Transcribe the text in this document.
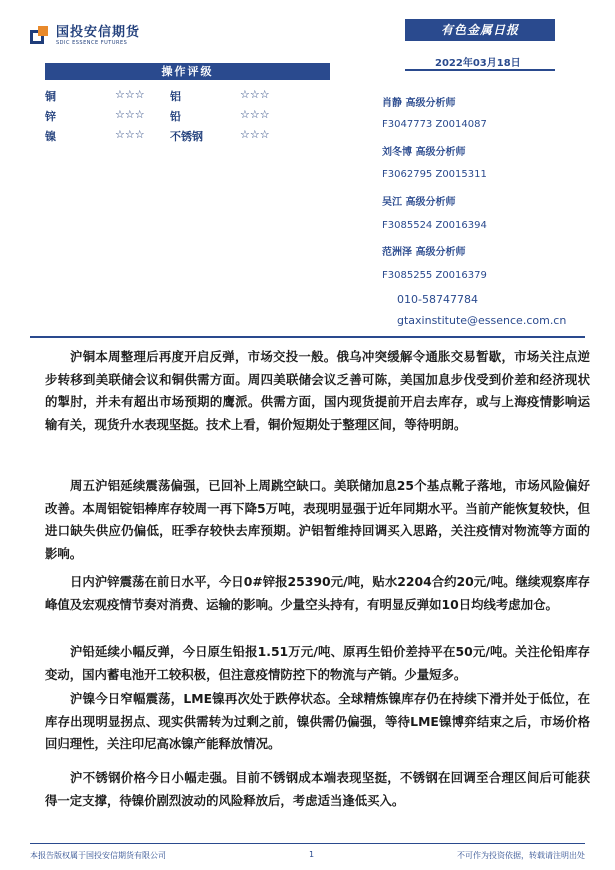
国投安信期货
SDIC ESSENCE FUTURES
有色金属日报
2022年03月18日
操作评级
铜	☆☆☆ 铝	☆☆☆
锌	☆☆☆ 铅	☆☆☆
镍	☆☆☆ 不锈钢	☆☆☆
肖静 高级分析师
F3047773 Z0014087
刘冬博 高级分析师
F3062795 Z0015311
吴江 高级分析师
F3085524 Z0016394
范洲泽 高级分析师
F3085255 Z0016379
010-58747784
gtaxinstitute@essence.com.cn

沪铜本周整理后再度开启反弹，市场交投一般。俄乌冲突缓解令通胀交易暂歇，市场关注点逆步转移到美联储会议和铜供需方面。周四美联储会议乏善可陈，美国加息步伐受到价差和经济现状的掣肘，并未有超出市场预期的鹰派。供需方面，国内现货提前开启去库存，或与上海疫情影响运输有关，现货升水表现坚挺。技术上看，铜价短期处于整理区间，等待明朗。

周五沪铝延续震荡偏强，已回补上周跳空缺口。美联储加息25个基点靴子落地，市场风险偏好改善。本周铝锭铝棒库存较周一再下降5万吨，表现明显强于近年同期水平。当前产能恢复较快，但进口缺失供应仍偏低，旺季存较快去库预期。沪铝暂维持回调买入思路，关注疫情对物流等方面的影响。

日内沪锌震荡在前日水平，今日0#锌报25390元/吨，贴水2204合约20元/吨。继续观察库存峰值及宏观疫情节奏对消费、运输的影响。少量空头持有，有明显反弹如10日均线考虑加仓。

沪铅延续小幅反弹，今日原生铅报1.51万元/吨、原再生铅价差持平在50元/吨。关注伦铅库存变动，国内蓄电池开工较积极，但注意疫情防控下的物流与产销。少量短多。

沪镍今日窄幅震荡，LME镍再次处于跌停状态。全球精炼镍库存仍在持续下滑并处于低位，在库存出现明显拐点、现实供需转为过剩之前，镍供需仍偏强，等待LME镍博弈结束之后，市场价格回归理性，关注印尼高冰镍产能释放情况。

沪不锈钢价格今日小幅走强。目前不锈钢成本端表现坚挺，不锈钢在回调至合理区间后可能获得一定支撑，待镍价剧烈波动的风险释放后，考虑适当逢低买入。

本报告版权属于国投安信期货有限公司	1	不可作为投资依据，转载请注明出处
